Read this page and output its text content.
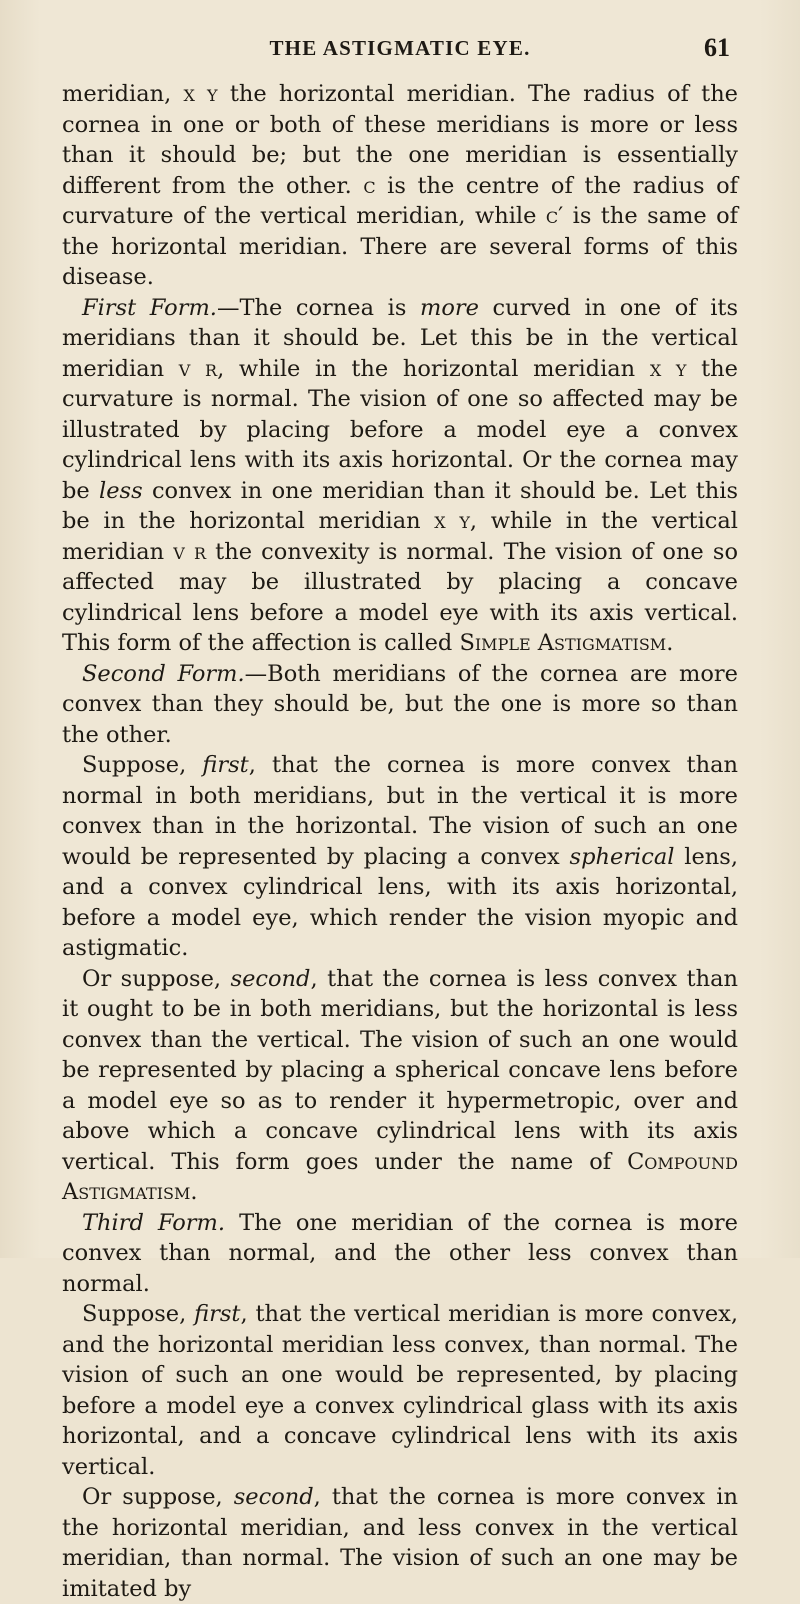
THE ASTIGMATIC EYE.	61

meridian, x y the horizontal meridian. The radius of the cornea in one or both of these meridians is more or less than it should be; but the one meridian is essentially different from the other. c is the centre of the radius of curvature of the vertical meridian, while c′ is the same of the horizontal meridian. There are several forms of this disease.

First Form.—The cornea is more curved in one of its meridians than it should be. Let this be in the vertical meridian v r, while in the horizontal meridian x y the curvature is normal. The vision of one so affected may be illustrated by placing before a model eye a convex cylindrical lens with its axis horizontal. Or the cornea may be less convex in one meridian than it should be. Let this be in the horizontal meridian x y, while in the vertical meridian v r the convexity is normal. The vision of one so affected may be illustrated by placing a concave cylindrical lens before a model eye with its axis vertical. This form of the affection is called Simple Astigmatism.

Second Form.—Both meridians of the cornea are more convex than they should be, but the one is more so than the other.

Suppose, first, that the cornea is more convex than normal in both meridians, but in the vertical it is more convex than in the horizontal. The vision of such an one would be represented by placing a convex spherical lens, and a convex cylindrical lens, with its axis horizontal, before a model eye, which render the vision myopic and astigmatic.

Or suppose, second, that the cornea is less convex than it ought to be in both meridians, but the horizontal is less convex than the vertical. The vision of such an one would be represented by placing a spherical concave lens before a model eye so as to render it hypermetropic, over and above which a concave cylindrical lens with its axis vertical. This form goes under the name of Compound Astigmatism.

Third Form. The one meridian of the cornea is more convex than normal, and the other less convex than normal.

Suppose, first, that the vertical meridian is more convex, and the horizontal meridian less convex, than normal. The vision of such an one would be represented, by placing before a model eye a convex cylindrical glass with its axis horizontal, and a concave cylindrical lens with its axis vertical.

Or suppose, second, that the cornea is more convex in the horizontal meridian, and less convex in the vertical meridian, than normal. The vision of such an one may be imitated by
